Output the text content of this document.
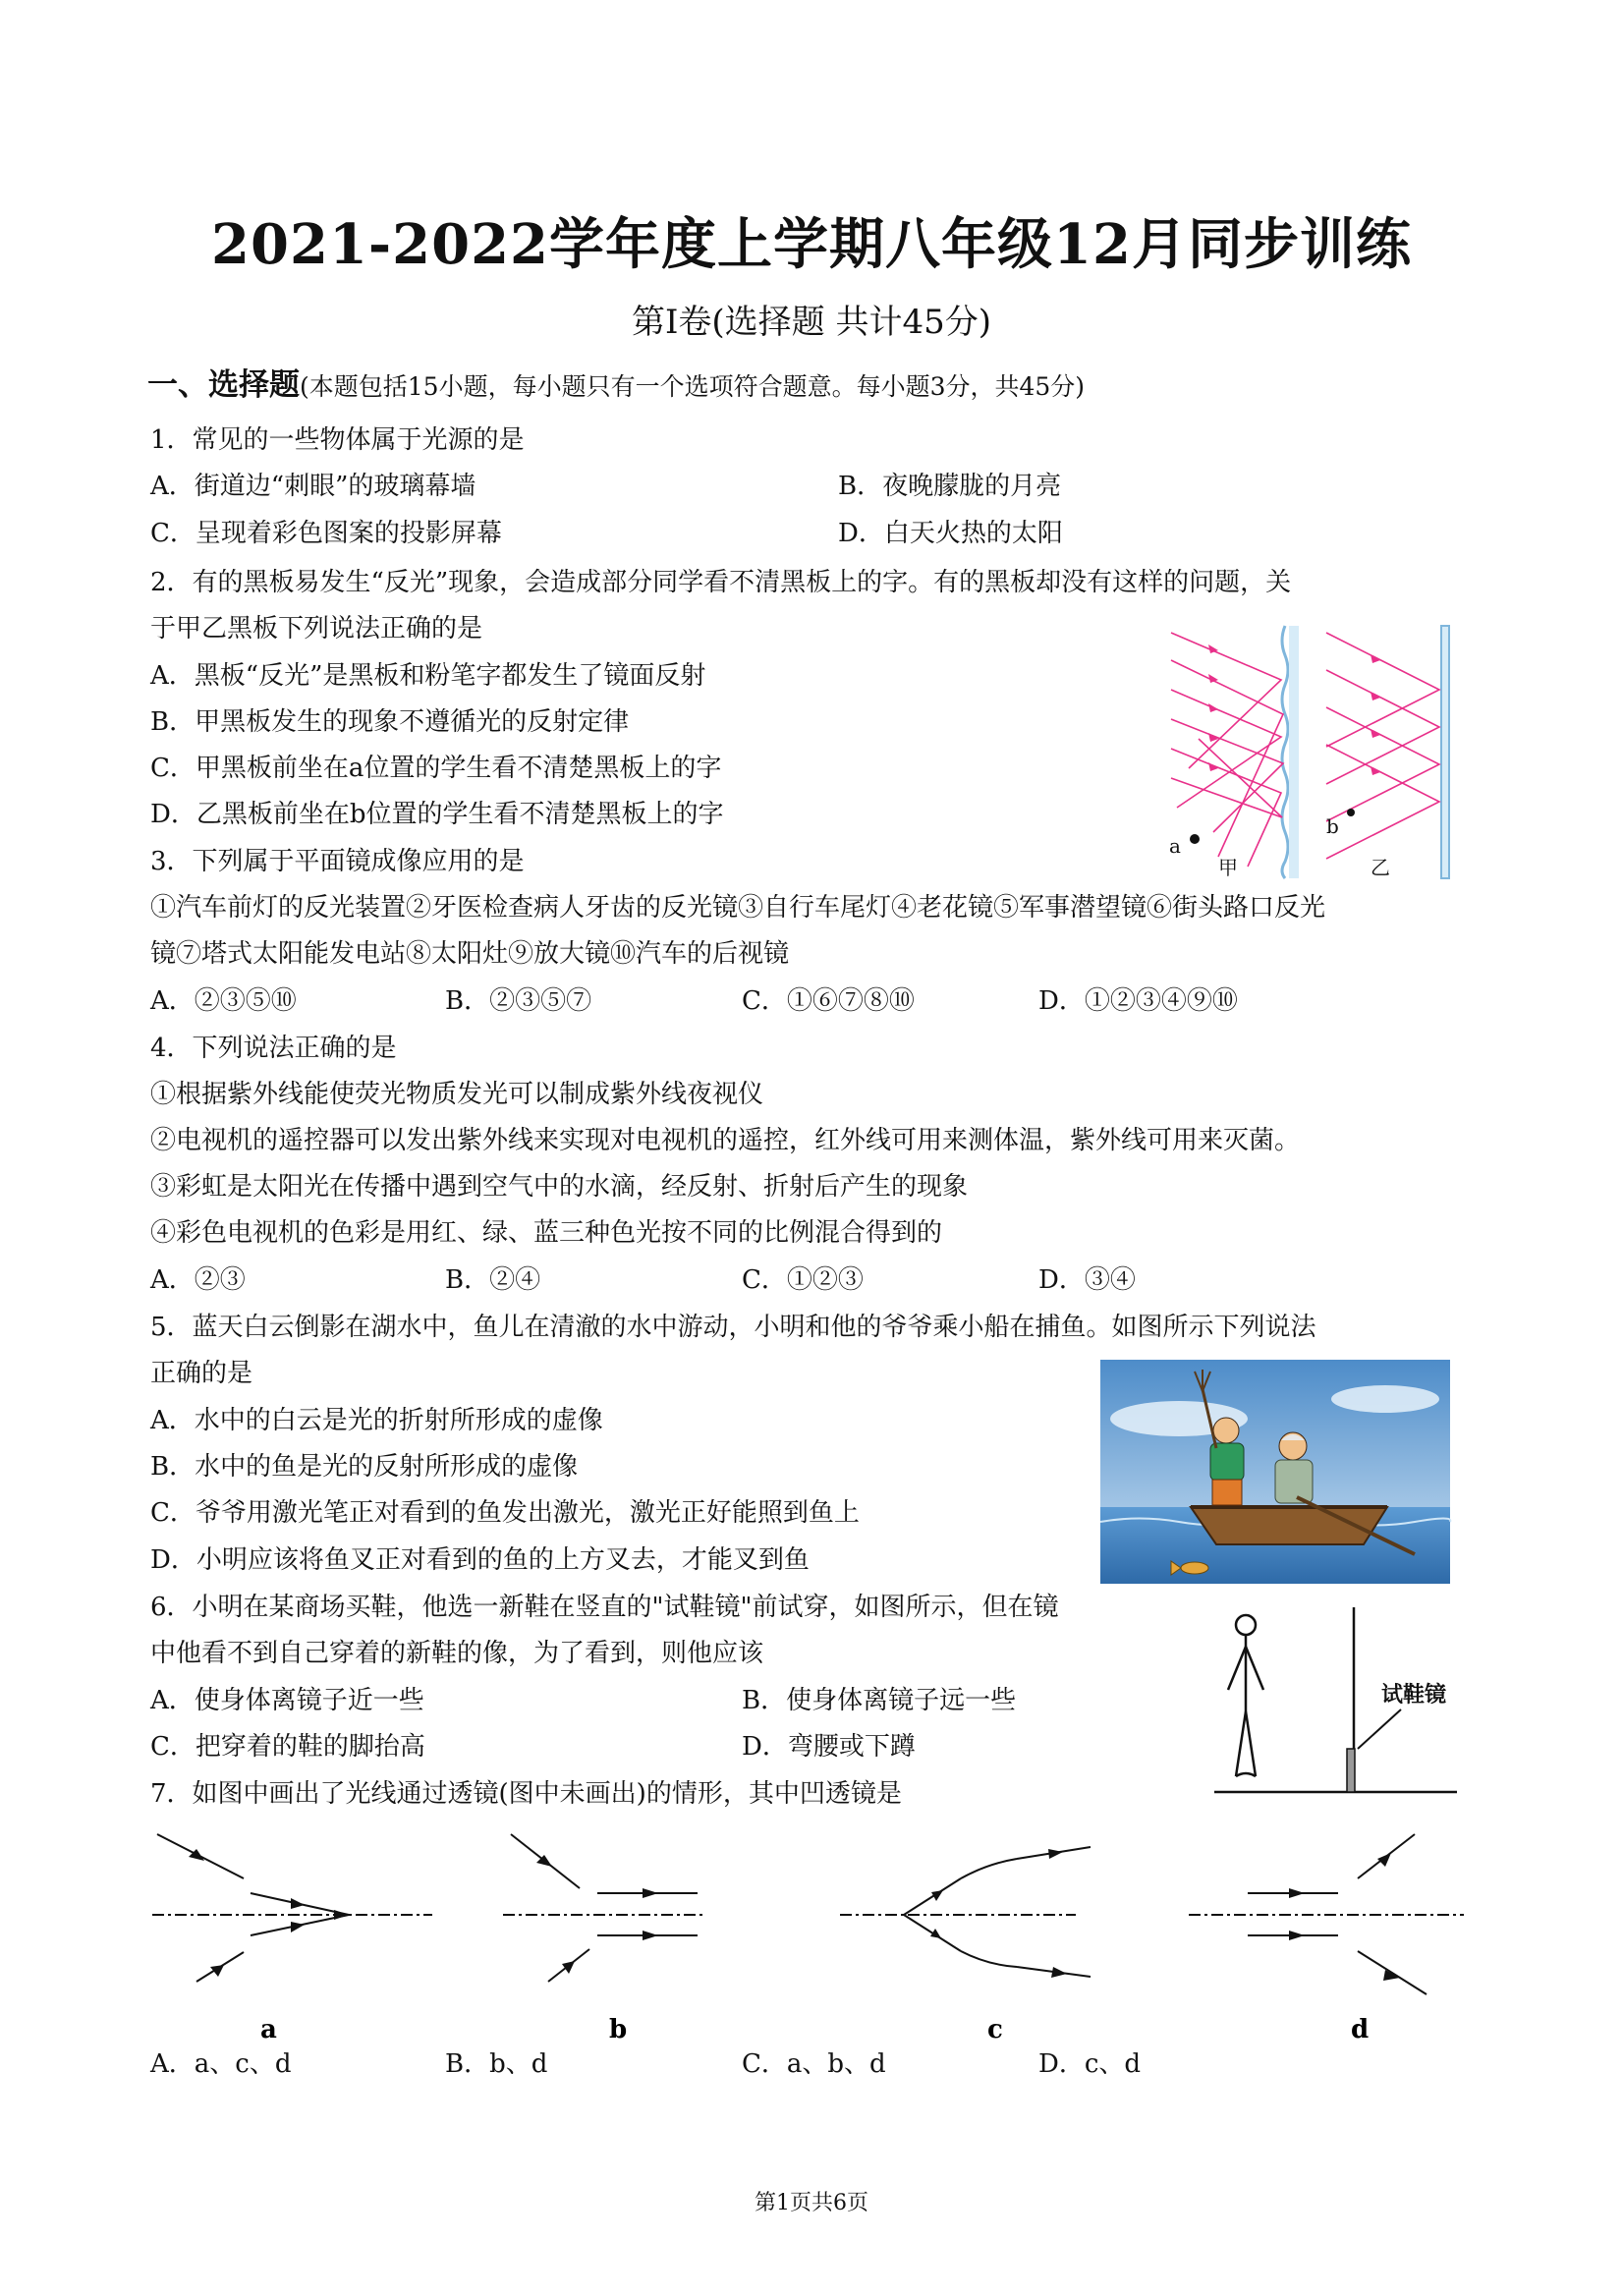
2021-2022学年度上学期八年级12月同步训练
第Ⅰ卷(选择题 共计45分)
一、选择题(本题包括15小题，每小题只有一个选项符合题意。每小题3分，共45分)
1．常见的一些物体属于光源的是
A．街道边“刺眼”的玻璃幕墙	B．夜晚朦胧的月亮
C．呈现着彩色图案的投影屏幕	D．白天火热的太阳
2．有的黑板易发生“反光”现象，会造成部分同学看不清黑板上的字。有的黑板却没有这样的问题，关
于甲乙黑板下列说法正确的是
A．黑板“反光”是黑板和粉笔字都发生了镜面反射
B．甲黑板发生的现象不遵循光的反射定律
C．甲黑板前坐在a位置的学生看不清楚黑板上的字
D．乙黑板前坐在b位置的学生看不清楚黑板上的字
a
b
甲	乙
3．下列属于平面镜成像应用的是
①汽车前灯的反光装置②牙医检查病人牙齿的反光镜③自行车尾灯④老花镜⑤军事潜望镜⑥街头路口反光
镜⑦塔式太阳能发电站⑧太阳灶⑨放大镜⑩汽车的后视镜
A．②③⑤⑩	B．②③⑤⑦	C．①⑥⑦⑧⑩	D．①②③④⑨⑩
4．下列说法正确的是
①根据紫外线能使荧光物质发光可以制成紫外线夜视仪
②电视机的遥控器可以发出紫外线来实现对电视机的遥控，红外线可用来测体温，紫外线可用来灭菌。
③彩虹是太阳光在传播中遇到空气中的水滴，经反射、折射后产生的现象
④彩色电视机的色彩是用红、绿、蓝三种色光按不同的比例混合得到的
A．②③	B．②④	C．①②③	D．③④
5．蓝天白云倒影在湖水中，鱼儿在清澈的水中游动，小明和他的爷爷乘小船在捕鱼。如图所示下列说法
正确的是
A．水中的白云是光的折射所形成的虚像
B．水中的鱼是光的反射所形成的虚像
C．爷爷用激光笔正对看到的鱼发出激光，激光正好能照到鱼上
D．小明应该将鱼叉正对看到的鱼的上方叉去，才能叉到鱼
6．小明在某商场买鞋，他选一新鞋在竖直的"试鞋镜"前试穿，如图所示，但在镜
中他看不到自己穿着的新鞋的像，为了看到，则他应该
A．使身体离镜子近一些	B．使身体离镜子远一些
C．把穿着的鞋的脚抬高	D．弯腰或下蹲
试鞋镜
7．如图中画出了光线通过透镜(图中未画出)的情形，其中凹透镜是
a	b	c	d
A．a、c、d	B．b、d	C．a、b、d	D．c、d
第1页共6页
